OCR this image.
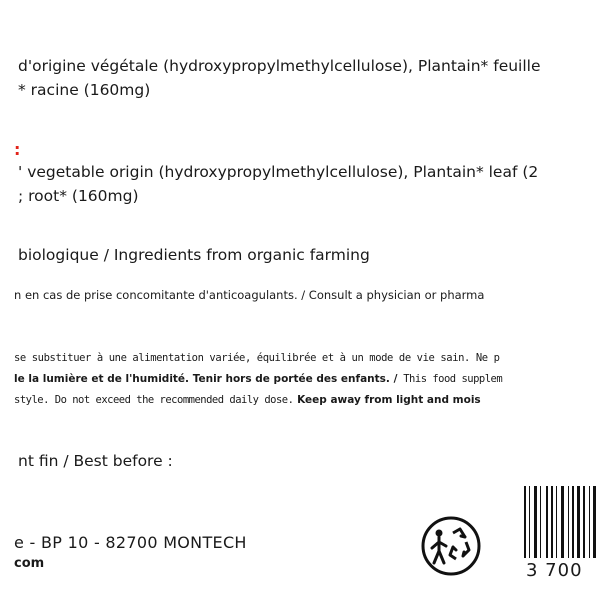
d'origine végétale (hydroxypropylmethylcellulose), Plantain* feuille
* racine (160mg)
:
' vegetable origin (hydroxypropylmethylcellulose), Plantain* leaf (2
; root* (160mg)
biologique / Ingredients from organic farming
n en cas de prise concomitante d'anticoagulants. / Consult a physician or pharma
se substituer à une alimentation variée, équilibrée et à un mode de vie sain. Ne p
le la lumière et de l'humidité. Tenir hors de portée des enfants. / This food supplem
style. Do not exceed the recommended daily dose. Keep away from light and mois
nt fin / Best before :
e - BP 10 - 82700 MONTECH
com	3 700
